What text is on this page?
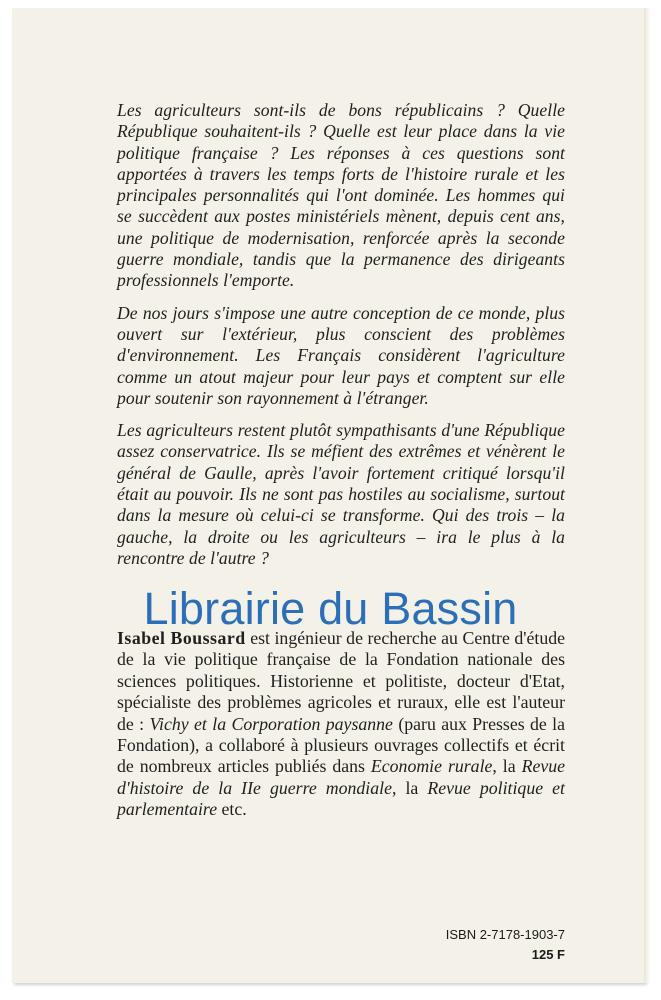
Les agriculteurs sont-ils de bons républicains ? Quelle République souhaitent-ils ? Quelle est leur place dans la vie politique française ? Les réponses à ces questions sont apportées à travers les temps forts de l'histoire rurale et les principales personnalités qui l'ont dominée. Les hommes qui se succèdent aux postes ministériels mènent, depuis cent ans, une politique de modernisation, renforcée après la seconde guerre mondiale, tandis que la permanence des dirigeants professionnels l'emporte.

De nos jours s'impose une autre conception de ce monde, plus ouvert sur l'extérieur, plus conscient des problèmes d'environnement. Les Français considèrent l'agriculture comme un atout majeur pour leur pays et comptent sur elle pour soutenir son rayonnement à l'étranger.

Les agriculteurs restent plutôt sympathisants d'une République assez conservatrice. Ils se méfient des extrêmes et vénèrent le général de Gaulle, après l'avoir fortement critiqué lorsqu'il était au pouvoir. Ils ne sont pas hostiles au socialisme, surtout dans la mesure où celui-ci se transforme. Qui des trois – la gauche, la droite ou les agriculteurs – ira le plus à la rencontre de l'autre ?

Librairie du Bassin
Isabel Boussard est ingénieur de recherche au Centre d'étude de la vie politique française de la Fondation nationale des sciences politiques. Historienne et politiste, docteur d'Etat, spécialiste des problèmes agricoles et ruraux, elle est l'auteur de : Vichy et la Corporation paysanne (paru aux Presses de la Fondation), a collaboré à plusieurs ouvrages collectifs et écrit de nombreux articles publiés dans Economie rurale, la Revue d'histoire de la IIe guerre mondiale, la Revue politique et parlementaire etc.
ISBN 2-7178-1903-7
125 F
